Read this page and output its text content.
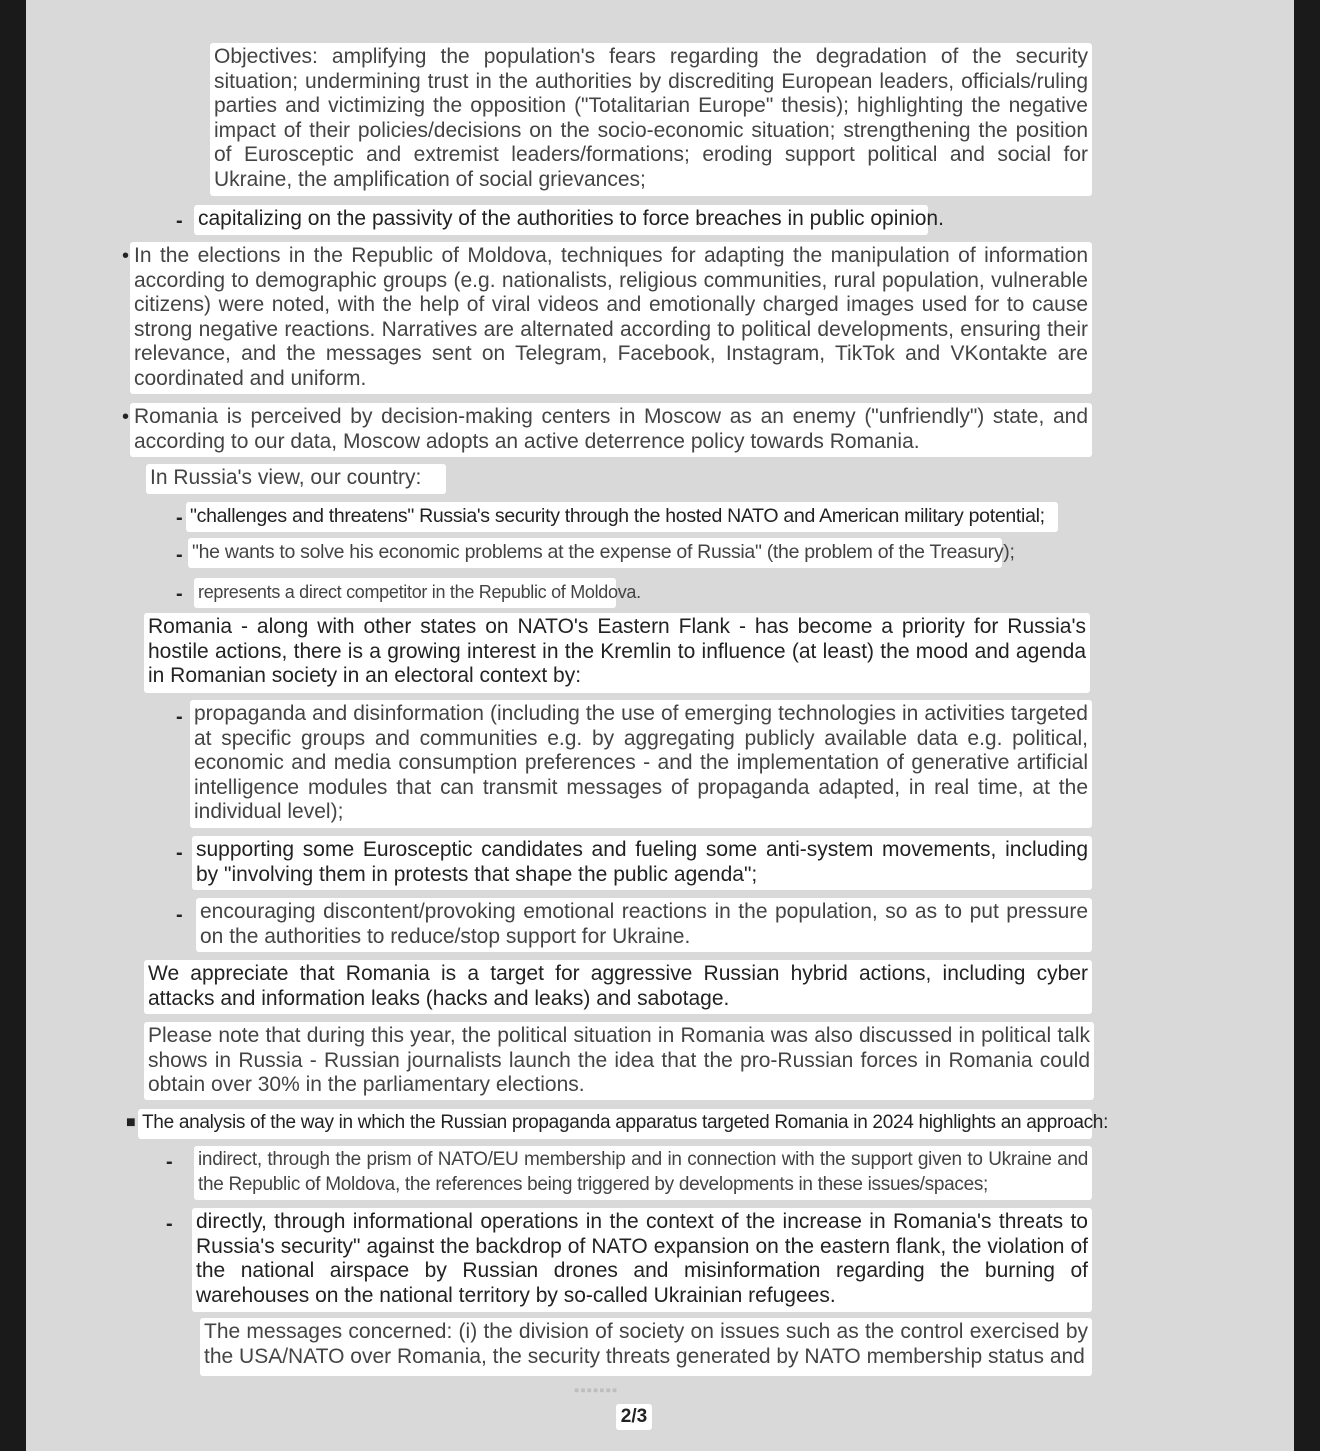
Objectives: amplifying the population's fears regarding the degradation of the security situation; undermining trust in the authorities by discrediting European leaders, officials/ruling parties and victimizing the opposition ("Totalitarian Europe" thesis); highlighting the negative impact of their policies/decisions on the socio-economic situation; strengthening the position of Eurosceptic and extremist leaders/formations; eroding support political and social for Ukraine, the amplification of social grievances;
- capitalizing on the passivity of the authorities to force breaches in public opinion.
• In the elections in the Republic of Moldova, techniques for adapting the manipulation of information according to demographic groups (e.g. nationalists, religious communities, rural population, vulnerable citizens) were noted, with the help of viral videos and emotionally charged images used for to cause strong negative reactions. Narratives are alternated according to political developments, ensuring their relevance, and the messages sent on Telegram, Facebook, Instagram, TikTok and VKontakte are coordinated and uniform.
• Romania is perceived by decision-making centers in Moscow as an enemy ("unfriendly") state, and according to our data, Moscow adopts an active deterrence policy towards Romania.
In Russia's view, our country:
- "challenges and threatens" Russia's security through the hosted NATO and American military potential;
- "he wants to solve his economic problems at the expense of Russia" (the problem of the Treasury);
- represents a direct competitor in the Republic of Moldova.
Romania - along with other states on NATO's Eastern Flank - has become a priority for Russia's hostile actions, there is a growing interest in the Kremlin to influence (at least) the mood and agenda in Romanian society in an electoral context by:
- propaganda and disinformation (including the use of emerging technologies in activities targeted at specific groups and communities e.g. by aggregating publicly available data e.g. political, economic and media consumption preferences - and the implementation of generative artificial intelligence modules that can transmit messages of propaganda adapted, in real time, at the individual level);
- supporting some Eurosceptic candidates and fueling some anti-system movements, including by "involving them in protests that shape the public agenda";
- encouraging discontent/provoking emotional reactions in the population, so as to put pressure on the authorities to reduce/stop support for Ukraine.
We appreciate that Romania is a target for aggressive Russian hybrid actions, including cyber attacks and information leaks (hacks and leaks) and sabotage.
Please note that during this year, the political situation in Romania was also discussed in political talk shows in Russia - Russian journalists launch the idea that the pro-Russian forces in Romania could obtain over 30% in the parliamentary elections.
■ The analysis of the way in which the Russian propaganda apparatus targeted Romania in 2024 highlights an approach:
- indirect, through the prism of NATO/EU membership and in connection with the support given to Ukraine and the Republic of Moldova, the references being triggered by developments in these issues/spaces;
- directly, through informational operations in the context of the increase in Romania's threats to Russia's security" against the backdrop of NATO expansion on the eastern flank, the violation of the national airspace by Russian drones and misinformation regarding the burning of warehouses on the national territory by so-called Ukrainian refugees.
The messages concerned: (i) the division of society on issues such as the control exercised by the USA/NATO over Romania, the security threats generated by NATO membership status and
▪▪▪▪▪▪▪
2/3
